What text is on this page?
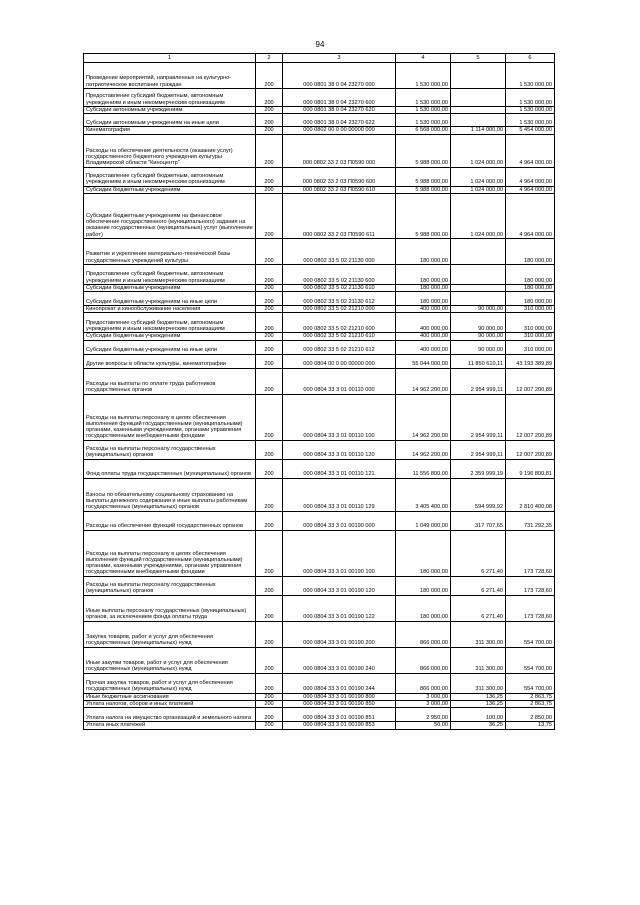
94
1	2	3	4	5	6
Проведение мероприятий, направленных на культурно-патриотическое воспитание граждан	200	000 0801 38 0 04 23270 000	1 530 000,00		1 530 000,00
Предоставление субсидий бюджетным, автономным учреждениям и иным некоммерческим организациям	200	000 0801 38 0 04 23270 600	1 530 000,00		1 530 000,00
Субсидии автономным учреждениям	200	000 0801 38 0 04 23270 620	1 530 000,00		1 530 000,00
Субсидии автономным учреждениям на иные цели	200	000 0801 38 0 04 23270 622	1 530 000,00		1 530 000,00
Кинематография	200	000 0802 00 0 00 00000 000	6 568 000,00	1 114 000,00	5 454 000,00
Расходы на обеспечение деятельности (оказание услуг) государственного бюджетного учреждения культуры Владимирской области "Киноцентр"	200	000 0802 33 2 03 П0590 000	5 988 000,00	1 024 000,00	4 964 000,00
Предоставление субсидий бюджетным, автономным учреждениям и иным некоммерческим организациям	200	000 0802 33 2 03 П0590 600	5 988 000,00	1 024 000,00	4 964 000,00
Субсидии бюджетным учреждениям	200	000 0802 33 2 03 П0590 610	5 988 000,00	1 024 000,00	4 964 000,00
Субсидии бюджетным учреждениям на финансовое обеспечение государственного (муниципального) задания на оказание государственных (муниципальных) услуг (выполнение работ)	200	000 0802 33 2 03 П0590 611	5 988 000,00	1 024 000,00	4 964 000,00
Развитие и укрепление материально-технической базы государственных учреждений культуры	200	000 0802 33 5 02 21130 000	180 000,00		180 000,00
Предоставление субсидий бюджетным, автономным учреждениям и иным некоммерческим организациям	200	000 0802 33 5 02 21130 600	180 000,00		180 000,00
Субсидии бюджетным учреждениям	200	000 0802 33 5 02 21130 610	180 000,00		180 000,00
Субсидии бюджетным учреждениям на иные цели	200	000 0802 33 5 02 21130 612	180 000,00		180 000,00
Кинопрокат и кинообслуживание населения	200	000 0802 33 5 02 21210 000	400 000,00	90 000,00	310 000,00
Предоставление субсидий бюджетным, автономным учреждениям и иным некоммерческим организациям	200	000 0802 33 5 02 21210 600	400 000,00	90 000,00	310 000,00
Субсидии бюджетным учреждениям	200	000 0802 33 5 02 21210 610	400 000,00	90 000,00	310 000,00
Субсидии бюджетным учреждениям на иные цели	200	000 0802 33 5 02 21210 612	400 000,00	90 000,00	310 000,00
Другие вопросы в области культуры, кинематографии	200	000 0804 00 0 00 00000 000	55 044 000,00	11 850 610,11	43 193 389,89
Расходы на выплаты по оплате труда работников государственных органов	200	000 0804 33 3 01 00110 000	14 962 200,00	2 954 999,11	12 007 200,89
Расходы на выплаты персоналу в целях обеспечения выполнения функций государственными (муниципальными) органами, казенными учреждениями, органами управления государственными внебюджетными фондами	200	000 0804 33 3 01 00110 100	14 962 200,00	2 954 999,11	12 007 200,89
Расходы на выплаты персоналу государственных (муниципальных) органов	200	000 0804 33 3 01 00110 120	14 962 200,00	2 954 999,11	12 007 200,89
Фонд оплаты труда государственных (муниципальных) органов	200	000 0804 33 3 01 00110 121	11 556 800,00	2 359 999,19	9 196 800,81
Взносы по обязательному социальному страхованию на выплаты денежного содержания и иные выплаты работникам государственных (муниципальных) органов	200	000 0804 33 3 01 00110 129	3 405 400,00	594 999,92	2 810 400,08
Расходы на обеспечение функций государственных органов	200	000 0804 33 3 01 00190 000	1 049 000,00	317 707,65	731 292,35
Расходы на выплаты персоналу в целях обеспечения выполнения функций государственными (муниципальными) органами, казенными учреждениями, органами управления государственными внебюджетными фондами	200	000 0804 33 3 01 00190 100	180 000,00	6 271,40	173 728,60
Расходы на выплаты персоналу государственных (муниципальных) органов	200	000 0804 33 3 01 00190 120	180 000,00	6 271,40	173 728,60
Иные выплаты персоналу государственных (муниципальных) органов, за исключением фонда оплаты труда	200	000 0804 33 3 01 00190 122	180 000,00	6 271,40	173 728,60
Закупка товаров, работ и услуг для обеспечения государственных (муниципальных) нужд	200	000 0804 33 3 01 00190 200	866 000,00	311 300,00	554 700,00
Иные закупки товаров, работ и услуг для обеспечения государственных (муниципальных) нужд	200	000 0804 33 3 01 00190 240	866 000,00	311 300,00	554 700,00
Прочая закупка товаров, работ и услуг для обеспечения государственных (муниципальных) нужд	200	000 0804 33 3 01 00190 244	866 000,00	311 300,00	554 700,00
Иные бюджетные ассигнования	200	000 0804 33 3 01 00190 800	3 000,00	136,25	2 863,75
Уплата налогов, сборов и иных платежей	200	000 0804 33 3 01 00190 850	3 000,00	136,25	2 863,75
Уплата налога на имущество организаций и земельного налога	200	000 0804 33 3 01 00190 851	2 950,00	100,00	2 850,00
Уплата иных платежей	200	000 0804 33 3 01 00190 853	50,00	36,25	13,75
